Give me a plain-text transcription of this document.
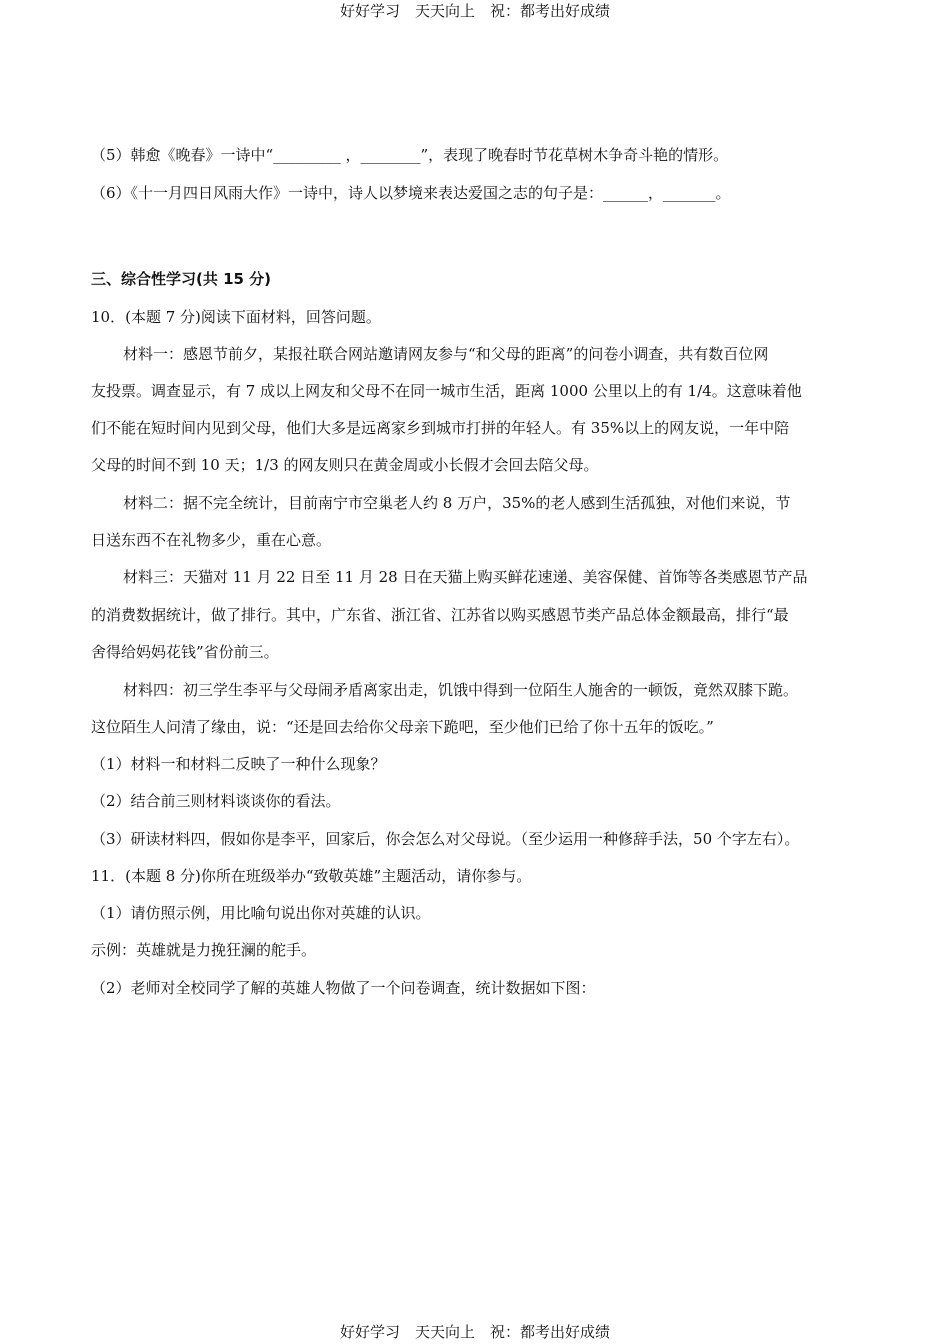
好好学习　天天向上　祝：都考出好成绩
（5）韩愈《晚春》一诗中“_________ ，________”，表现了晚春时节花草树木争奇斗艳的情形。
（6）《十一月四日风雨大作》一诗中，诗人以梦境来表达爱国之志的句子是：______，_______。
三、综合性学习(共 15 分)
10．(本题 7 分)阅读下面材料，回答问题。
材料一：感恩节前夕，某报社联合网站邀请网友参与“和父母的距离”的问卷小调查，共有数百位网
友投票。调查显示，有 7 成以上网友和父母不在同一城市生活，距离 1000 公里以上的有 1/4。这意味着他
们不能在短时间内见到父母，他们大多是远离家乡到城市打拼的年轻人。有 35%以上的网友说，一年中陪
父母的时间不到 10 天；1/3 的网友则只在黄金周或小长假才会回去陪父母。
材料二：据不完全统计，目前南宁市空巢老人约 8 万户，35%的老人感到生活孤独，对他们来说，节
日送东西不在礼物多少，重在心意。
材料三：天猫对 11 月 22 日至 11 月 28 日在天猫上购买鲜花速递、美容保健、首饰等各类感恩节产品
的消费数据统计，做了排行。其中，广东省、浙江省、江苏省以购买感恩节类产品总体金额最高，排行“最
舍得给妈妈花钱”省份前三。
材料四：初三学生李平与父母闹矛盾离家出走，饥饿中得到一位陌生人施舍的一顿饭，竟然双膝下跪。
这位陌生人问清了缘由，说：“还是回去给你父母亲下跪吧，至少他们已给了你十五年的饭吃。”
（1）材料一和材料二反映了一种什么现象？
（2）结合前三则材料谈谈你的看法。
（3）研读材料四，假如你是李平，回家后，你会怎么对父母说。（至少运用一种修辞手法，50 个字左右）。
11．(本题 8 分)你所在班级举办“致敬英雄”主题活动，请你参与。
（1）请仿照示例，用比喻句说出你对英雄的认识。
示例：英雄就是力挽狂澜的舵手。
（2）老师对全校同学了解的英雄人物做了一个问卷调查，统计数据如下图：
好好学习　天天向上　祝：都考出好成绩
